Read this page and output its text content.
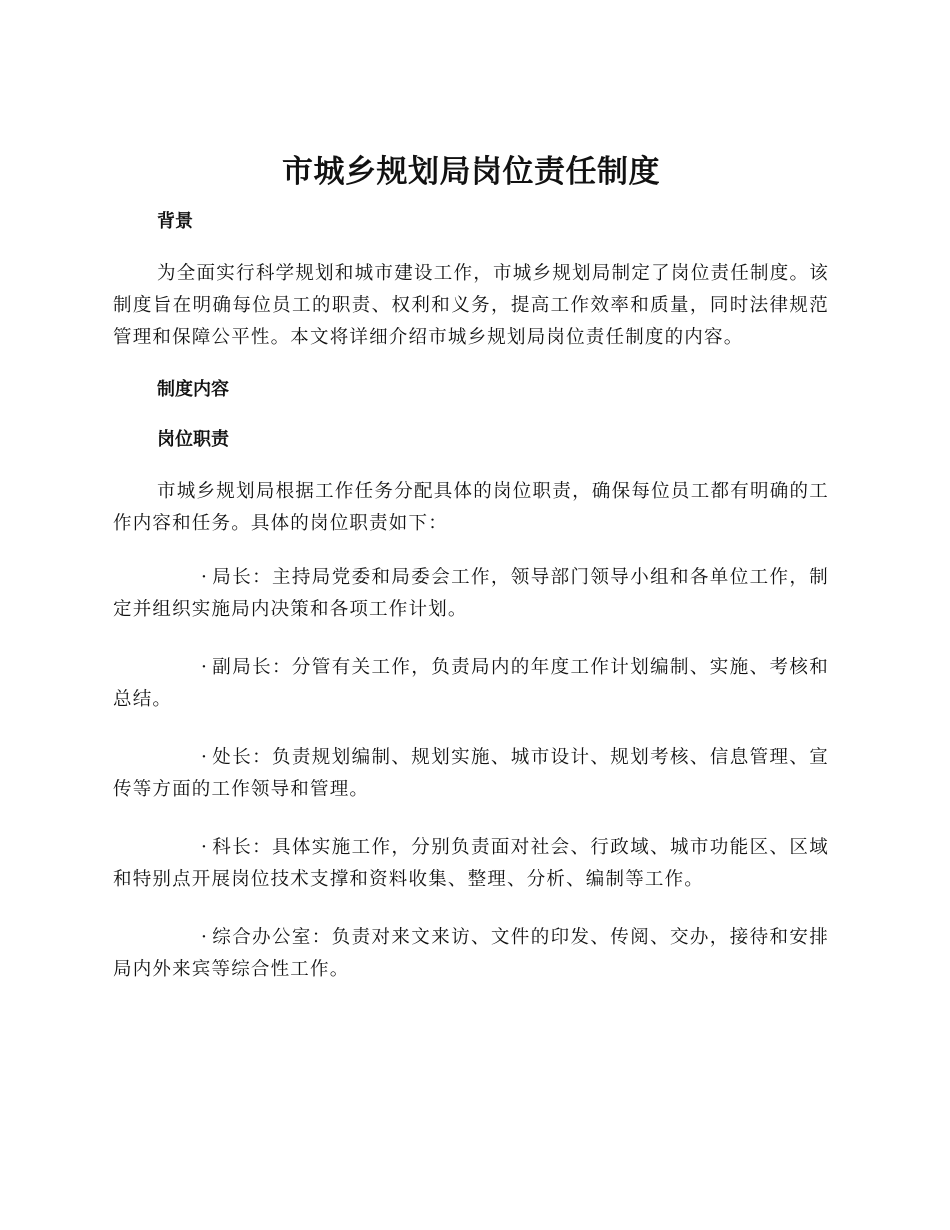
市城乡规划局岗位责任制度

背景

为全面实行科学规划和城市建设工作，市城乡规划局制定了岗位责任制度。该制度旨在明确每位员工的职责、权利和义务，提高工作效率和质量，同时法律规范管理和保障公平性。本文将详细介绍市城乡规划局岗位责任制度的内容。

制度内容

岗位职责

市城乡规划局根据工作任务分配具体的岗位职责，确保每位员工都有明确的工作内容和任务。具体的岗位职责如下：

· 局长：主持局党委和局委会工作，领导部门领导小组和各单位工作，制定并组织实施局内决策和各项工作计划。

· 副局长：分管有关工作，负责局内的年度工作计划编制、实施、考核和总结。

· 处长：负责规划编制、规划实施、城市设计、规划考核、信息管理、宣传等方面的工作领导和管理。

· 科长：具体实施工作，分别负责面对社会、行政域、城市功能区、区域和特别点开展岗位技术支撑和资料收集、整理、分析、编制等工作。

· 综合办公室：负责对来文来访、文件的印发、传阅、交办，接待和安排局内外来宾等综合性工作。
